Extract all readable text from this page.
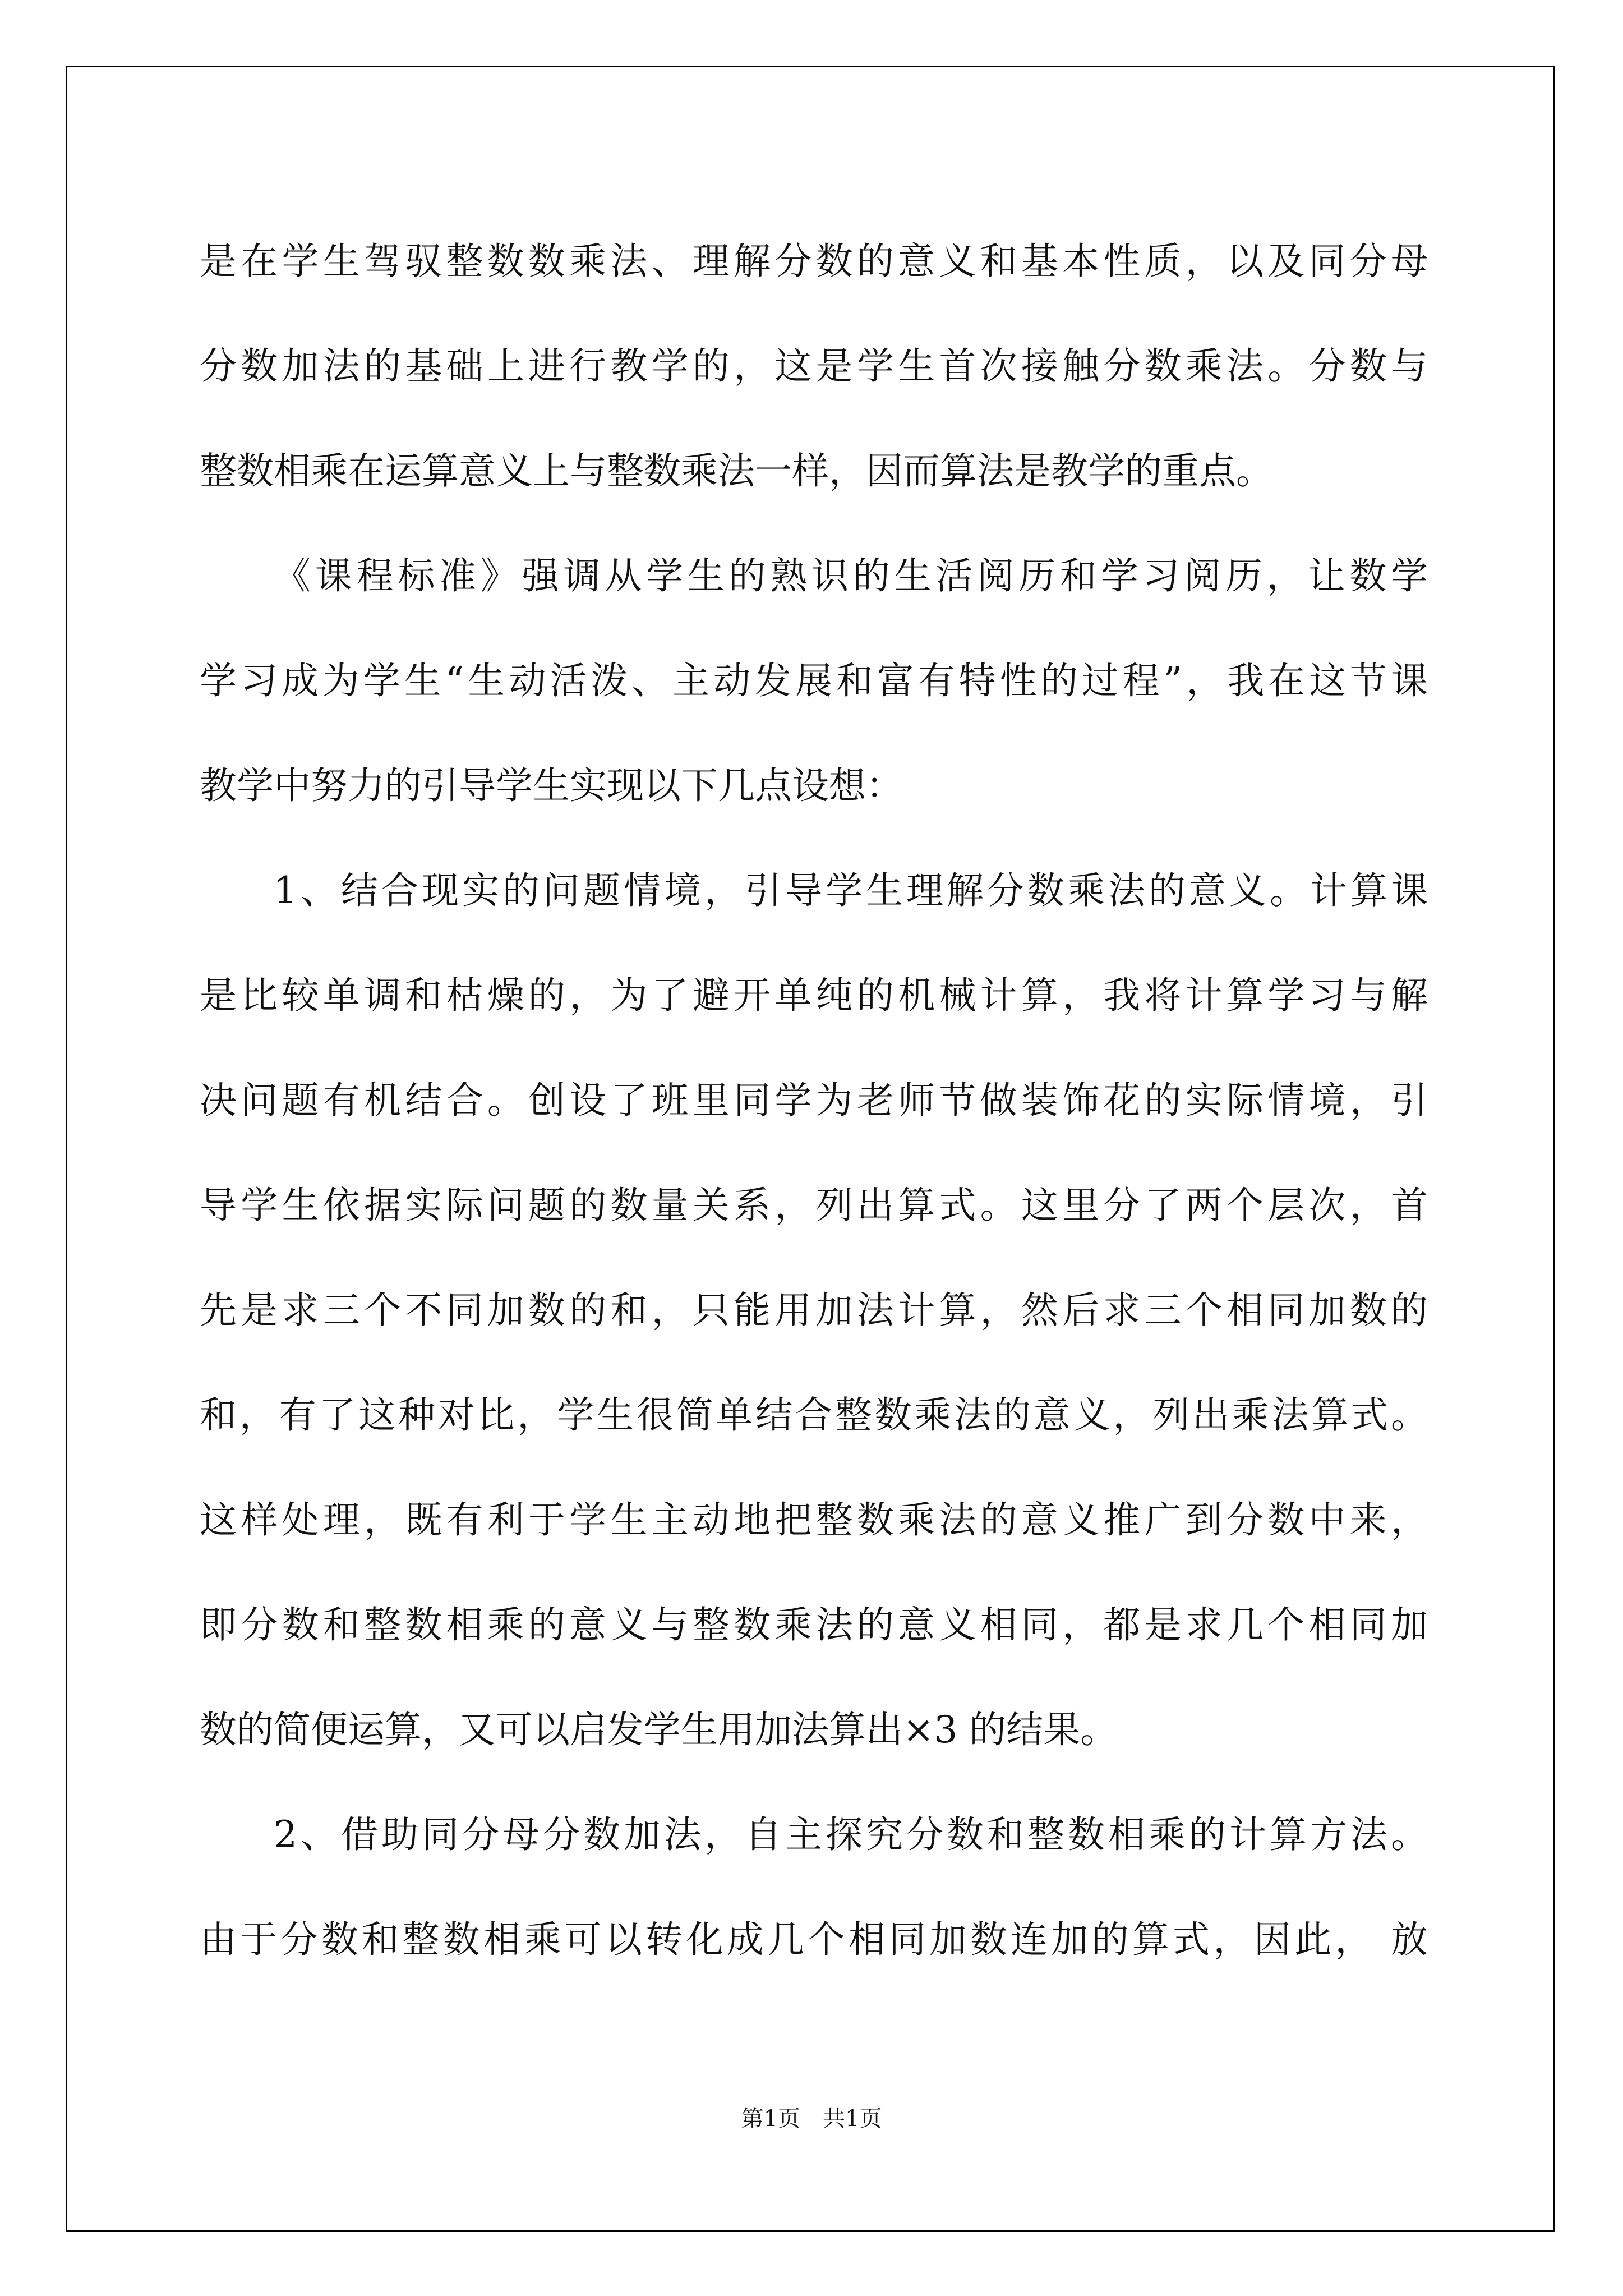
是在学生驾驭整数数乘法、理解分数的意义和基本性质，以及同分母
分数加法的基础上进行教学的，这是学生首次接触分数乘法。分数与
整数相乘在运算意义上与整数乘法一样，因而算法是教学的重点。
《课程标准》强调从学生的熟识的生活阅历和学习阅历，让数学
学习成为学生“生动活泼、主动发展和富有特性的过程”，我在这节课
教学中努力的引导学生实现以下几点设想：
1、结合现实的问题情境，引导学生理解分数乘法的意义。计算课
是比较单调和枯燥的，为了避开单纯的机械计算，我将计算学习与解
决问题有机结合。创设了班里同学为老师节做装饰花的实际情境，引
导学生依据实际问题的数量关系，列出算式。这里分了两个层次，首
先是求三个不同加数的和，只能用加法计算，然后求三个相同加数的
和，有了这种对比，学生很简单结合整数乘法的意义，列出乘法算式。
这样处理，既有利于学生主动地把整数乘法的意义推广到分数中来，
即分数和整数相乘的意义与整数乘法的意义相同，都是求几个相同加
数的简便运算，又可以启发学生用加法算出×3 的结果。
2、借助同分母分数加法，自主探究分数和整数相乘的计算方法。
由于分数和整数相乘可以转化成几个相同加数连加的算式，因此， 放
第1页　共1页
